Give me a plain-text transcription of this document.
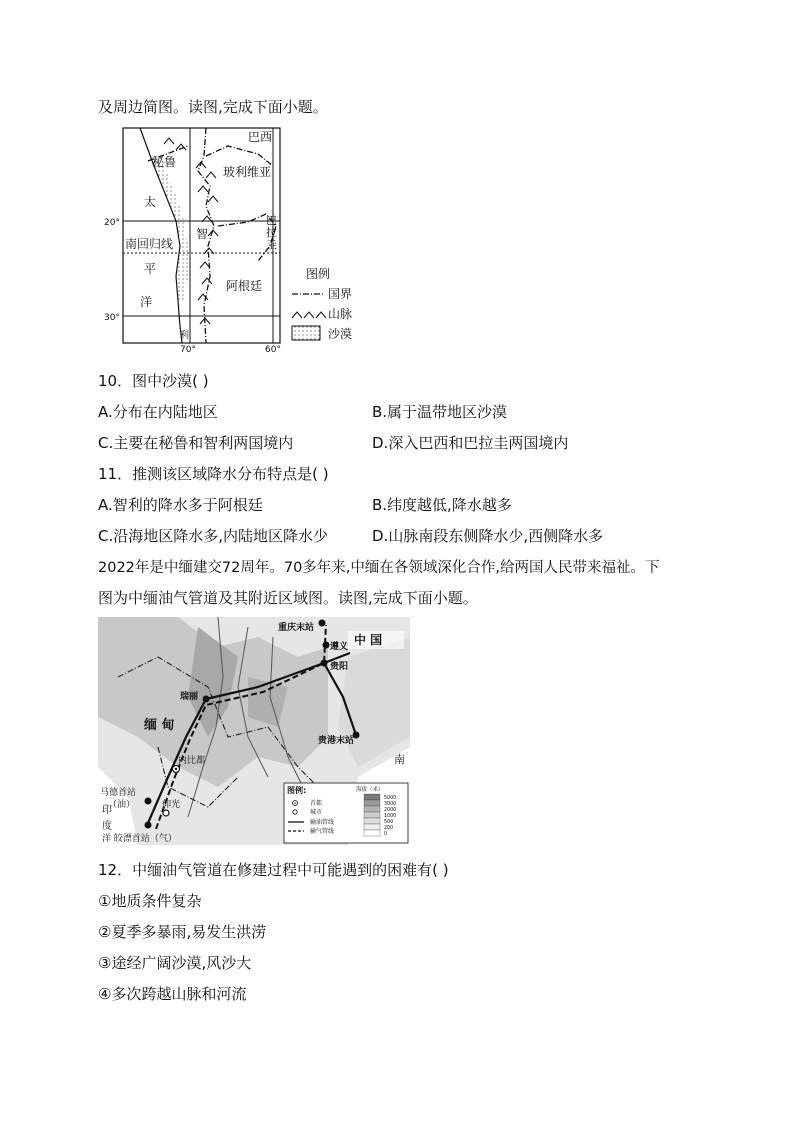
及周边简图。读图,完成下面小题。
巴西
秘鲁
玻利维亚
太
智
巴
拉
圭
南回归线
平
阿根廷
洋
利
20°
30°
70°	60°
图例
国界
山脉
沙漠
10．图中沙漠( )
A.分布在内陆地区	B.属于温带地区沙漠
C.主要在秘鲁和智利两国境内	D.深入巴西和巴拉圭两国境内
11．推测该区域降水分布特点是( )
A.智利的降水多于阿根廷	B.纬度越低,降水越多
C.沿海地区降水多,内陆地区降水少	D.山脉南段东侧降水少,西侧降水多
2022年是中缅建交72周年。70多年来,中缅在各领域深化合作,给两国人民带来福祉。下
图为中缅油气管道及其附近区域图。读图,完成下面小题。
重庆末站
遵义 中 国
贵阳
瑞丽
缅 甸
贵港末站
南
内比都
马德首站
（油）	仰光
印
度
洋 皎漂首站（气）
图例:
首都
城市
输油管线
输气管线
海拔（米）
5000
3000
2000
1000
500
200
0
12．中缅油气管道在修建过程中可能遇到的困难有( )
①地质条件复杂
②夏季多暴雨,易发生洪涝
③途经广阔沙漠,风沙大
④多次跨越山脉和河流
